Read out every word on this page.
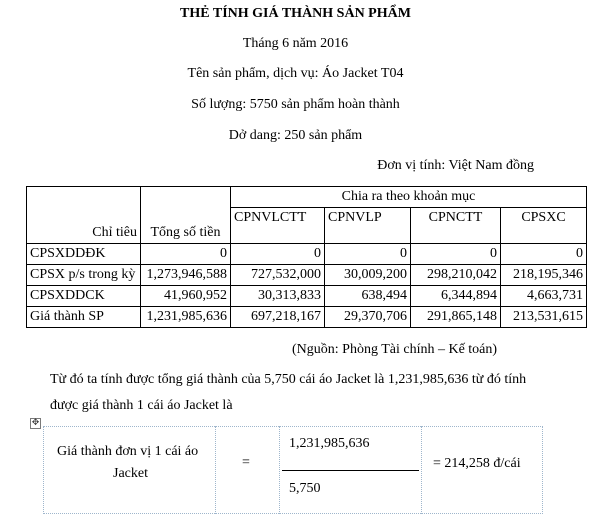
THẺ TÍNH GIÁ THÀNH SẢN PHẨM
Tháng 6 năm 2016
Tên sản phẩm, dịch vụ: Áo Jacket T04
Số lượng: 5750 sản phẩm hoàn thành
Dở dang: 250 sản phẩm
Đơn vị tính: Việt Nam đồng
Chỉ tiêu	Tổng số tiền	Chia ra theo khoản mục			
		CPNVLCTT	CPNVLP	CPNCTT	CPSXC
CPSXDDĐK	0	0	0	0	0
CPSX p/s trong kỳ	1,273,946,588	727,532,000	30,009,200	298,210,042	218,195,346
CPSXDDCK	41,960,952	30,313,833	638,494	6,344,894	4,663,731
Giá thành SP	1,231,985,636	697,218,167	29,370,706	291,865,148	213,531,615
(Nguồn: Phòng Tài chính – Kế toán)
Từ đó ta tính được tổng giá thành của 5,750 cái áo Jacket là 1,231,985,636 từ đó tính
được giá thành 1 cái áo Jacket là
✥
Giá thành đơn vị 1 cái áo
Jacket
=
1,231,985,636
5,750
= 214,258 đ/cái
